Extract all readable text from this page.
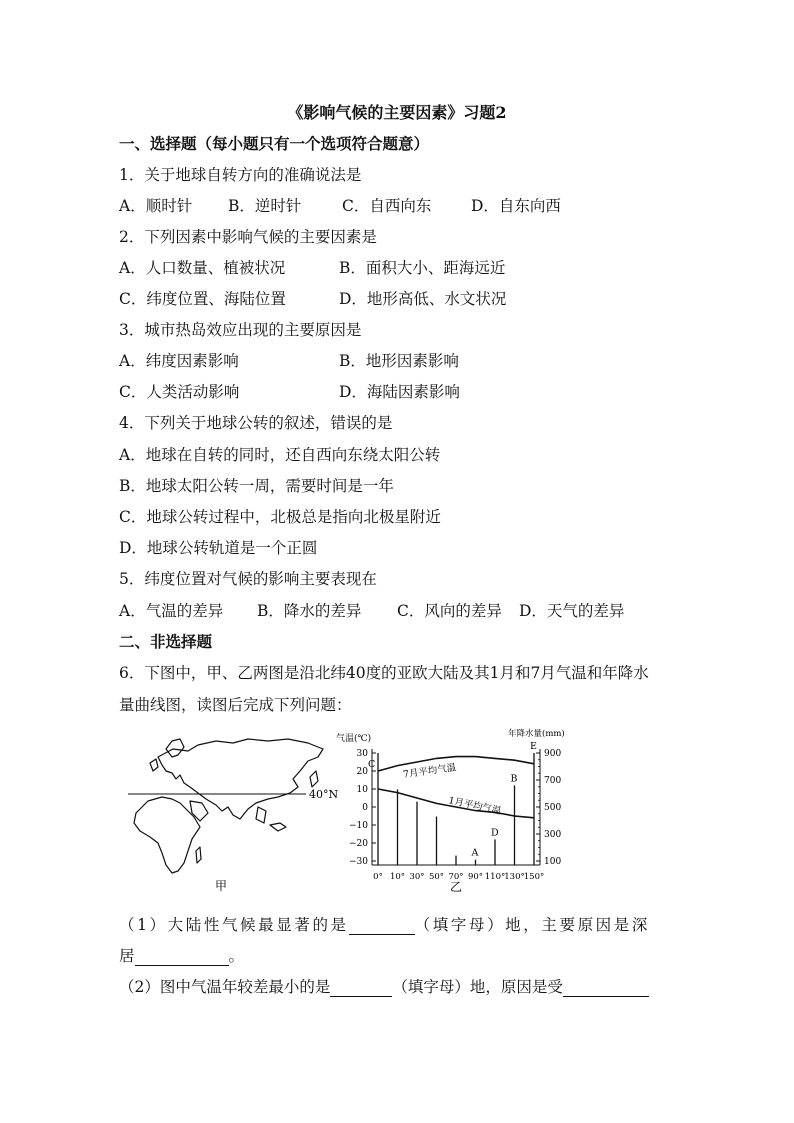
《影响气候的主要因素》习题2
一、选择题（每小题只有一个选项符合题意）
1．关于地球自转方向的准确说法是
A．顺时针 B．逆时针	C．自西向东	D．自东向西
2．下列因素中影响气候的主要因素是
A．人口数量、植被状况	B．面积大小、距海远近
C．纬度位置、海陆位置	D．地形高低、水文状况
3．城市热岛效应出现的主要原因是
A．纬度因素影响	B．地形因素影响
C．人类活动影响	D．海陆因素影响
4．下列关于地球公转的叙述，错误的是
A．地球在自转的同时，还自西向东绕太阳公转
B．地球太阳公转一周，需要时间是一年
C．地球公转过程中，北极总是指向北极星附近
D．地球公转轨道是一个正圆
5．纬度位置对气候的影响主要表现在
A．气温的差异 B．降水的差异 C．风向的差异 D．天气的差异
二、非选择题
6．下图中，甲、乙两图是沿北纬40度的亚欧大陆及其1月和7月气温和年降水
量曲线图，读图后完成下列问题：
40°N
甲
气温(℃)	年降水量(mm)
乙
30
20
10
0
−10
−20
−30
900
700
500
300
100
0° 10° 30° 50° 70° 90° 110° 130° 150°
7月平均气温
1月平均气温
C
A
D
B
E
（1）大陆性气候最显著的是	（填字母）地，主要原因是深
居	。
（2）图中气温年较差最小的是	（填字母）地，原因是受
